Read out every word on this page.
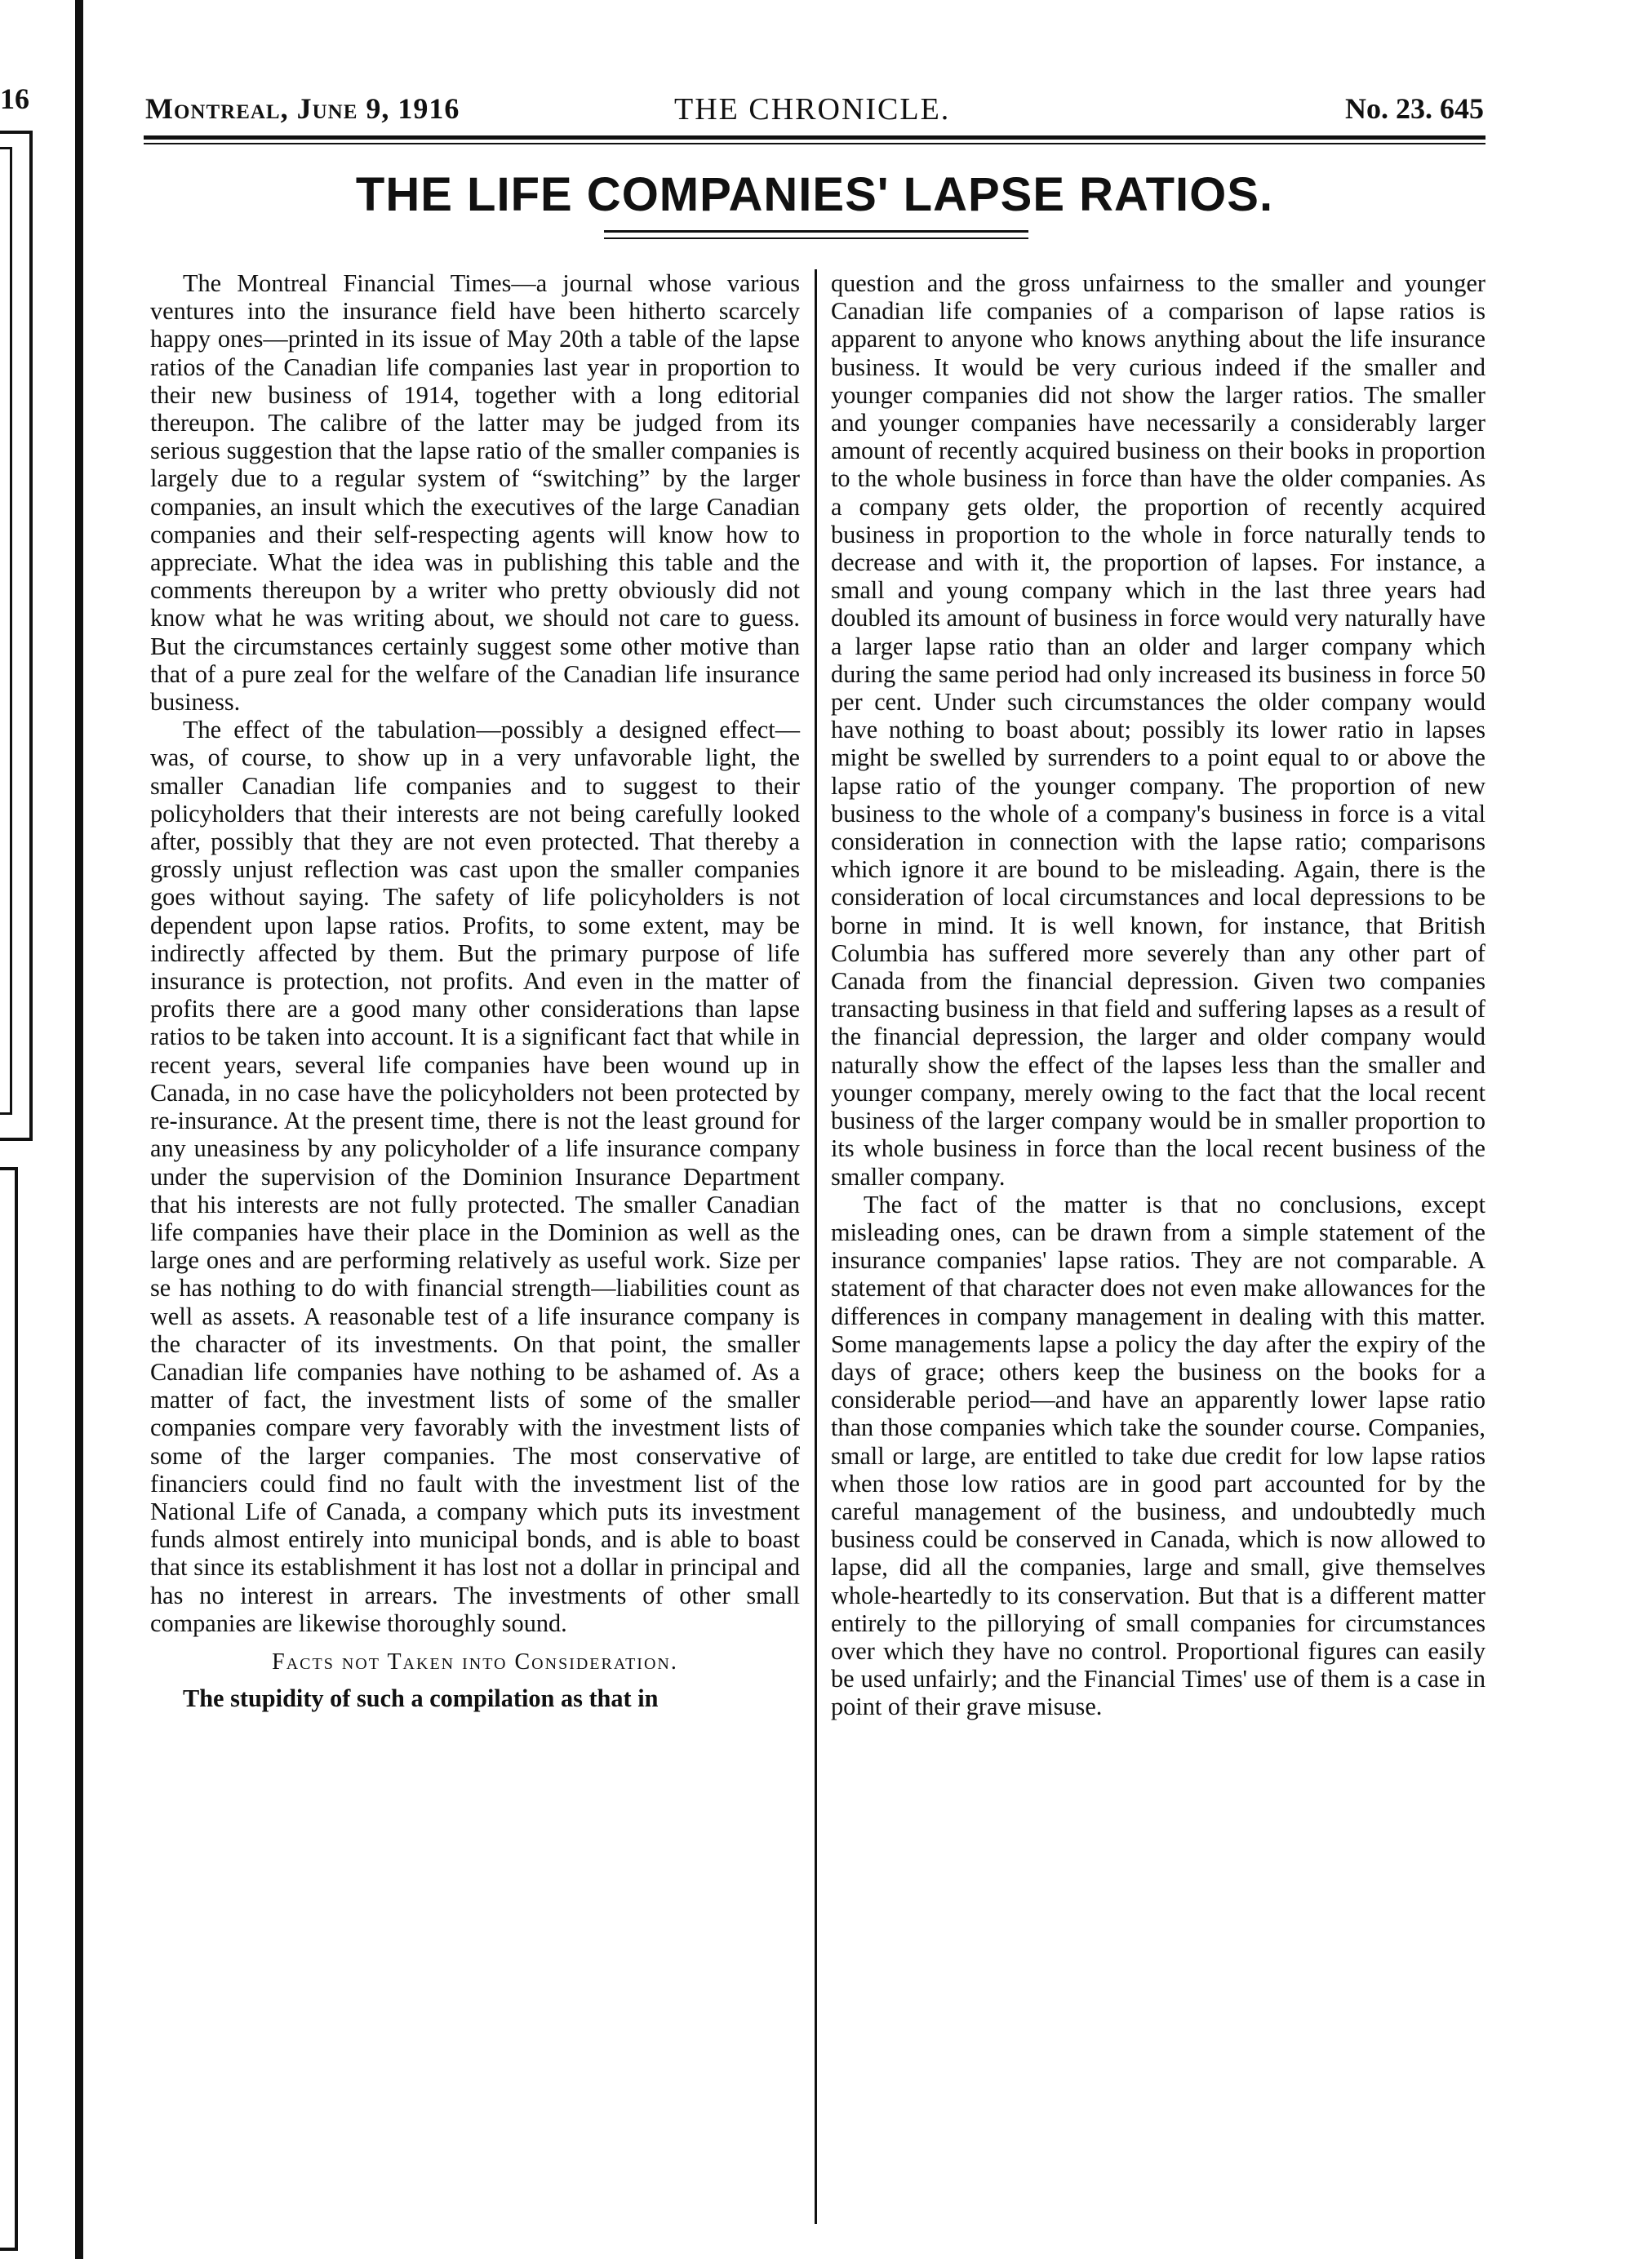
16	Montreal, June 9, 1916	THE CHRONICLE.	No. 23. 645
THE LIFE COMPANIES' LAPSE RATIOS.

The Montreal Financial Times—a journal whose various ventures into the insurance field have been hitherto scarcely happy ones—printed in its issue of May 20th a table of the lapse ratios of the Canadian life companies last year in proportion to their new business of 1914, together with a long editorial thereupon. The calibre of the latter may be judged from its serious suggestion that the lapse ratio of the smaller companies is largely due to a regular system of “switching” by the larger companies, an insult which the executives of the large Canadian companies and their self-respecting agents will know how to appreciate. What the idea was in publishing this table and the comments thereupon by a writer who pretty obviously did not know what he was writing about, we should not care to guess. But the circumstances certainly suggest some other motive than that of a pure zeal for the welfare of the Canadian life insurance business.

The effect of the tabulation—possibly a designed effect—was, of course, to show up in a very unfavorable light, the smaller Canadian life companies and to suggest to their policyholders that their interests are not being carefully looked after, possibly that they are not even protected. That thereby a grossly unjust reflection was cast upon the smaller companies goes without saying. The safety of life policyholders is not dependent upon lapse ratios. Profits, to some extent, may be indirectly affected by them. But the primary purpose of life insurance is protection, not profits. And even in the matter of profits there are a good many other considerations than lapse ratios to be taken into account. It is a significant fact that while in recent years, several life companies have been wound up in Canada, in no case have the policyholders not been protected by re-insurance. At the present time, there is not the least ground for any uneasiness by any policyholder of a life insurance company under the supervision of the Dominion Insurance Department that his interests are not fully protected. The smaller Canadian life companies have their place in the Dominion as well as the large ones and are performing relatively as useful work. Size per se has nothing to do with financial strength—liabilities count as well as assets. A reasonable test of a life insurance company is the character of its investments. On that point, the smaller Canadian life companies have nothing to be ashamed of. As a matter of fact, the investment lists of some of the smaller companies compare very favorably with the investment lists of some of the larger companies. The most conservative of financiers could find no fault with the investment list of the National Life of Canada, a company which puts its investment funds almost entirely into municipal bonds, and is able to boast that since its establishment it has lost not a dollar in principal and has no interest in arrears. The investments of other small companies are likewise thoroughly sound.

Facts not Taken into Consideration.

The stupidity of such a compilation as that in

question and the gross unfairness to the smaller and younger Canadian life companies of a comparison of lapse ratios is apparent to anyone who knows anything about the life insurance business. It would be very curious indeed if the smaller and younger companies did not show the larger ratios. The smaller and younger companies have necessarily a considerably larger amount of recently acquired business on their books in proportion to the whole business in force than have the older companies. As a company gets older, the proportion of recently acquired business in proportion to the whole in force naturally tends to decrease and with it, the proportion of lapses. For instance, a small and young company which in the last three years had doubled its amount of business in force would very naturally have a larger lapse ratio than an older and larger company which during the same period had only increased its business in force 50 per cent. Under such circumstances the older company would have nothing to boast about; possibly its lower ratio in lapses might be swelled by surrenders to a point equal to or above the lapse ratio of the younger company. The proportion of new business to the whole of a company's business in force is a vital consideration in connection with the lapse ratio; comparisons which ignore it are bound to be misleading. Again, there is the consideration of local circumstances and local depressions to be borne in mind. It is well known, for instance, that British Columbia has suffered more severely than any other part of Canada from the financial depression. Given two companies transacting business in that field and suffering lapses as a result of the financial depression, the larger and older company would naturally show the effect of the lapses less than the smaller and younger company, merely owing to the fact that the local recent business of the larger company would be in smaller proportion to its whole business in force than the local recent business of the smaller company.

The fact of the matter is that no conclusions, except misleading ones, can be drawn from a simple statement of the insurance companies' lapse ratios. They are not comparable. A statement of that character does not even make allowances for the differences in company management in dealing with this matter. Some managements lapse a policy the day after the expiry of the days of grace; others keep the business on the books for a considerable period—and have an apparently lower lapse ratio than those companies which take the sounder course. Companies, small or large, are entitled to take due credit for low lapse ratios when those low ratios are in good part accounted for by the careful management of the business, and undoubtedly much business could be conserved in Canada, which is now allowed to lapse, did all the companies, large and small, give themselves whole-heartedly to its conservation. But that is a different matter entirely to the pillorying of small companies for circumstances over which they have no control. Proportional figures can easily be used unfairly; and the Financial Times' use of them is a case in point of their grave misuse.
